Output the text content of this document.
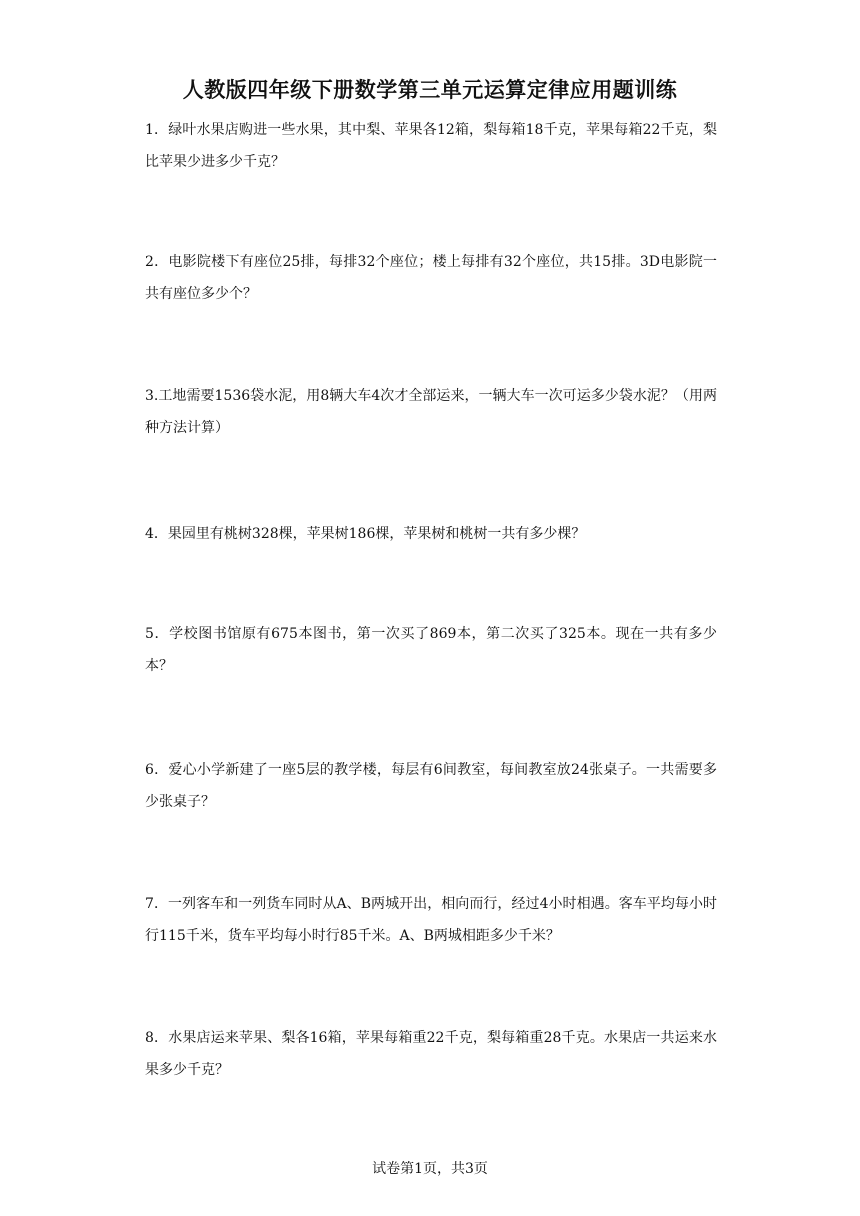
人教版四年级下册数学第三单元运算定律应用题训练
1．绿叶水果店购进一些水果，其中梨、苹果各12箱，梨每箱18千克，苹果每箱22千克，梨比苹果少进多少千克？
2．电影院楼下有座位25排，每排32个座位；楼上每排有32个座位，共15排。3D电影院一共有座位多少个？
3.工地需要1536袋水泥，用8辆大车4次才全部运来，一辆大车一次可运多少袋水泥？（用两种方法计算）
4．果园里有桃树328棵，苹果树186棵，苹果树和桃树一共有多少棵？
5．学校图书馆原有675本图书，第一次买了869本，第二次买了325本。现在一共有多少本？
6．爱心小学新建了一座5层的教学楼，每层有6间教室，每间教室放24张桌子。一共需要多少张桌子？
7．一列客车和一列货车同时从A、B两城开出，相向而行，经过4小时相遇。客车平均每小时行115千米，货车平均每小时行85千米。A、B两城相距多少千米？
8．水果店运来苹果、梨各16箱，苹果每箱重22千克，梨每箱重28千克。水果店一共运来水果多少千克？
试卷第1页，共3页
